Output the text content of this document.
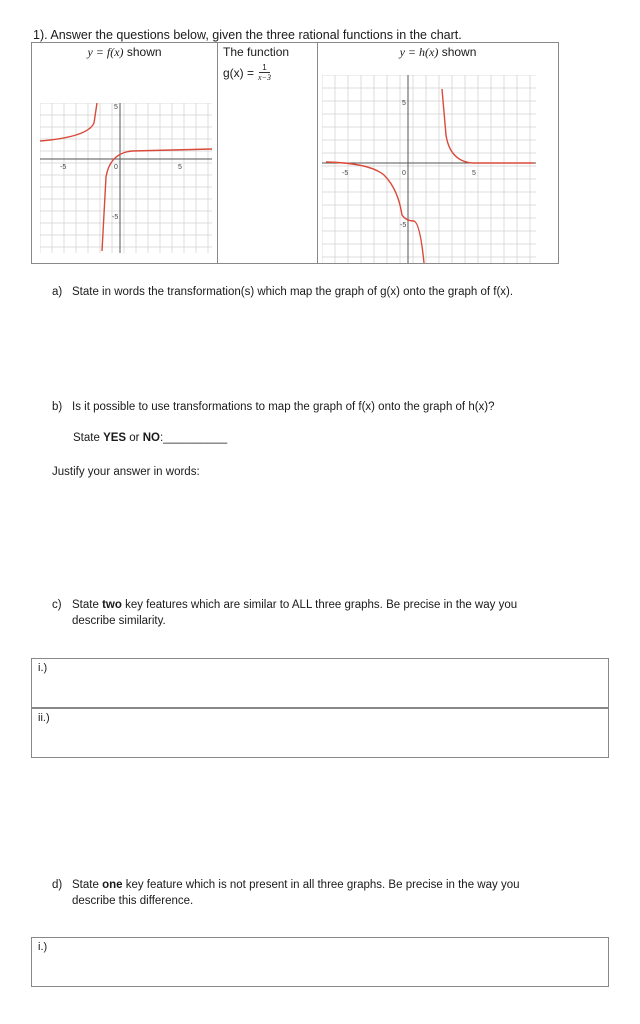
1). Answer the questions below, given the three rational functions in the chart.
y = f(x) shown
-5	0	5
5
-5
The function
$g(x) = \frac{1}{x-3}$
y = h(x) shown
-5	0	5
5
-5
a) State in words the transformation(s) which map the graph of g(x) onto the graph of f(x).
b) Is it possible to use transformations to map the graph of f(x) onto the graph of h(x)?
State YES or NO:__________
Justify your answer in words:
c) State two key features which are similar to ALL three graphs. Be precise in the way you
describe similarity.
i.)
ii.)
d) State one key feature which is not present in all three graphs. Be precise in the way you
describe this difference.
i.)
